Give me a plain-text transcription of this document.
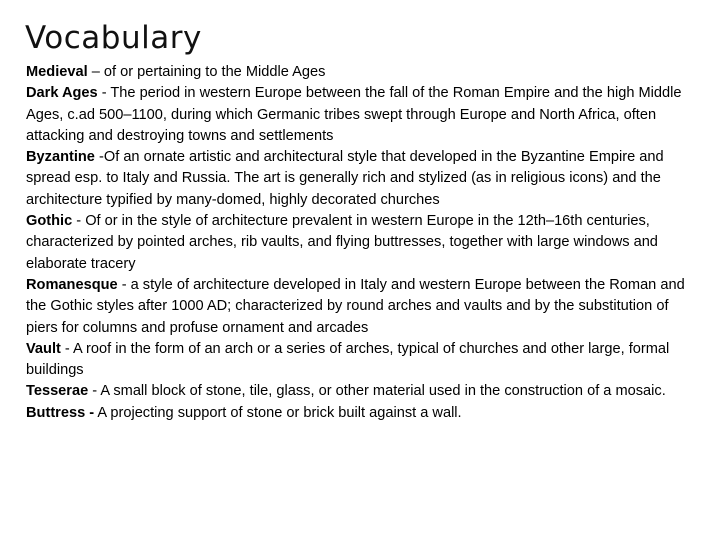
Vocabulary

Medieval – of or pertaining to the Middle Ages

Dark Ages - The period in western Europe between the fall of the Roman Empire and the high Middle Ages, c.ad 500–1100, during which Germanic tribes swept through Europe and North Africa, often attacking and destroying towns and settlements

Byzantine -Of an ornate artistic and architectural style that developed in the Byzantine Empire and spread esp. to Italy and Russia. The art is generally rich and stylized (as in religious icons) and the architecture typified by many-domed, highly decorated churches

Gothic - Of or in the style of architecture prevalent in western Europe in the 12th–16th centuries, characterized by pointed arches, rib vaults, and flying buttresses, together with large windows and elaborate tracery

Romanesque - a style of architecture developed in Italy and western Europe between the Roman and the Gothic styles after 1000 AD; characterized by round arches and vaults and by the substitution of piers for columns and profuse ornament and arcades

Vault - A roof in the form of an arch or a series of arches, typical of churches and other large, formal buildings

Tesserae - A small block of stone, tile, glass, or other material used in the construction of a mosaic.

Buttress - A projecting support of stone or brick built against a wall.
